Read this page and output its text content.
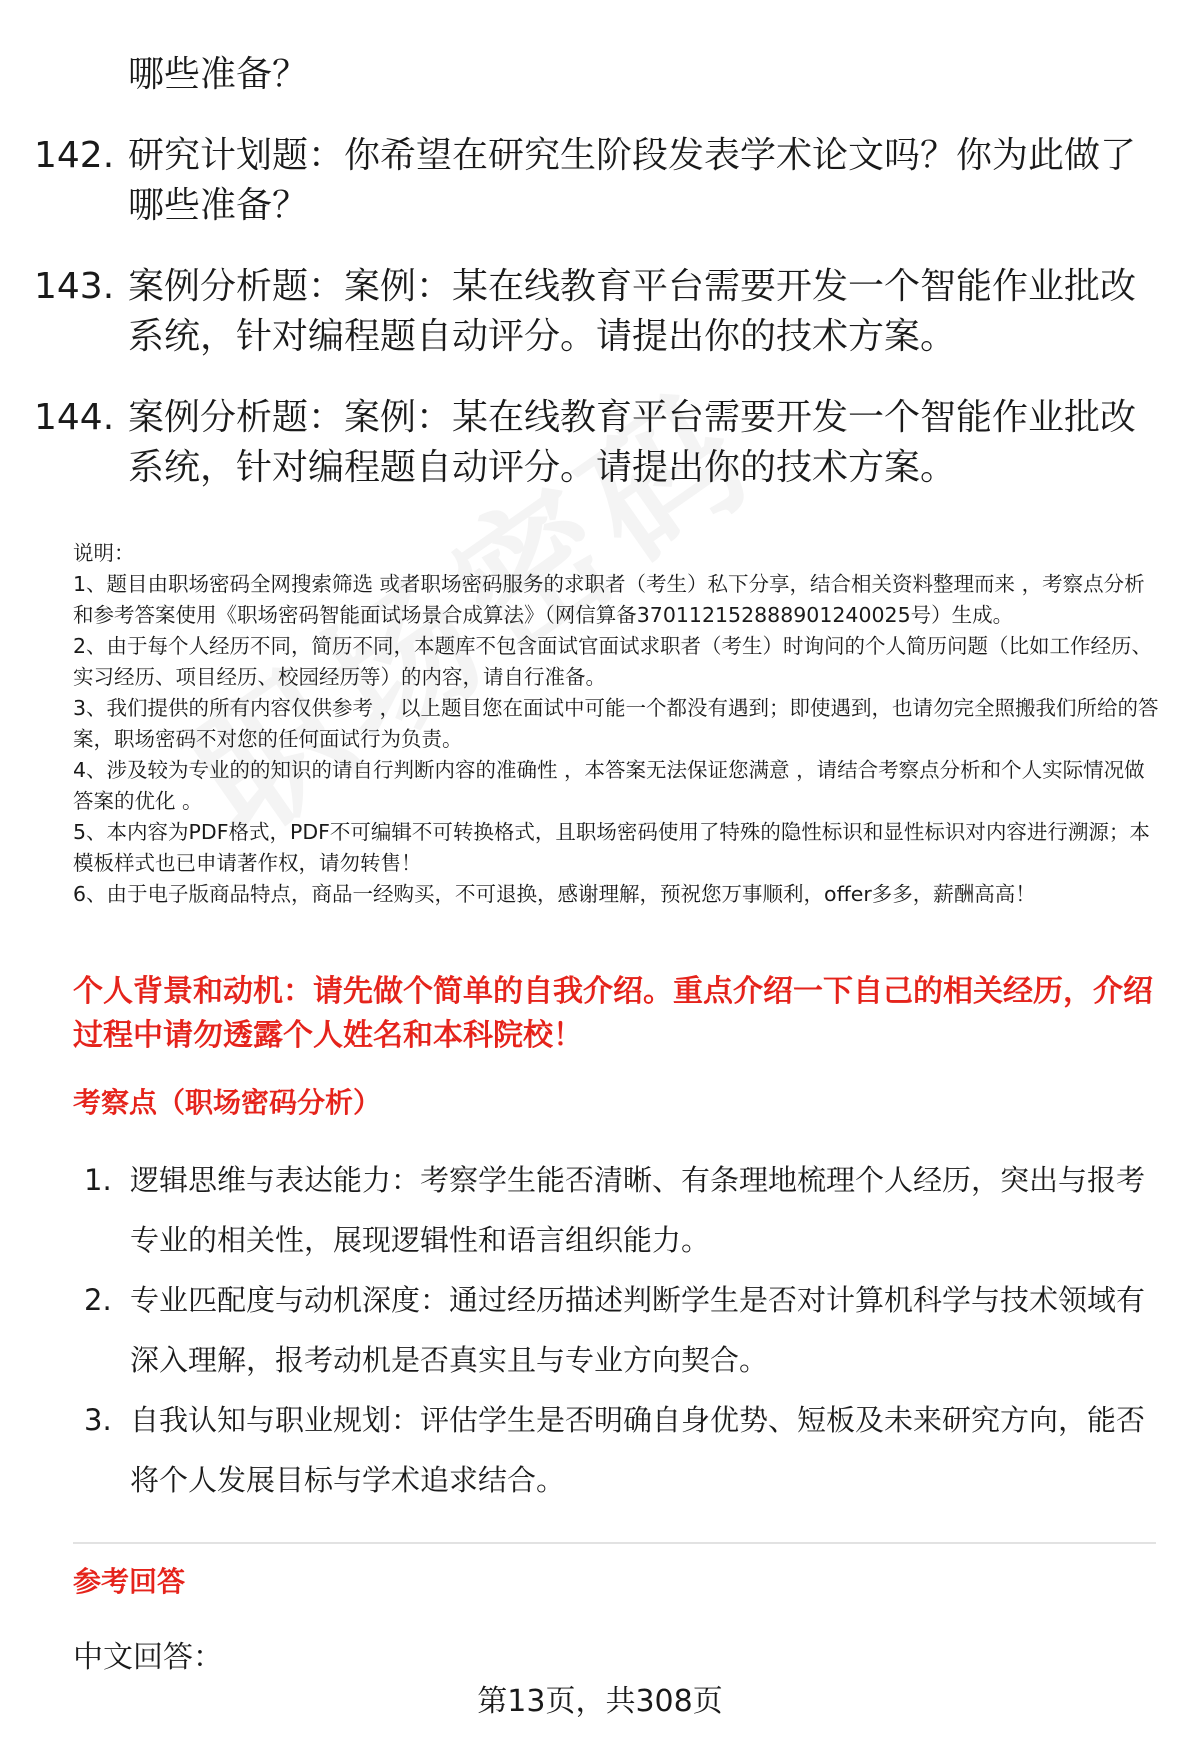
哪些准备？
142. 研究计划题：你希望在研究生阶段发表学术论文吗？你为此做了哪些准备？
143. 案例分析题：案例：某在线教育平台需要开发一个智能作业批改系统，针对编程题自动评分。请提出你的技术方案。
144. 案例分析题：案例：某在线教育平台需要开发一个智能作业批改系统，针对编程题自动评分。请提出你的技术方案。

说明：

1、题目由职场密码全网搜索筛选 或者职场密码服务的求职者（考生）私下分享，结合相关资料整理而来 ，考察点分析和参考答案使用《职场密码智能面试场景合成算法》（网信算备370112152888901240025号）生成。

2、由于每个人经历不同，简历不同，本题库不包含面试官面试求职者（考生）时询问的个人简历问题（比如工作经历、实习经历、项目经历、校园经历等）的内容，请自行准备。

3、我们提供的所有内容仅供参考 ，以上题目您在面试中可能一个都没有遇到；即使遇到，也请勿完全照搬我们所给的答案，职场密码不对您的任何面试行为负责。

4、涉及较为专业的的知识的请自行判断内容的准确性 ，本答案无法保证您满意 ，请结合考察点分析和个人实际情况做答案的优化 。

5、本内容为PDF格式，PDF不可编辑不可转换格式，且职场密码使用了特殊的隐性标识和显性标识对内容进行溯源；本模板样式也已申请著作权，请勿转售！

6、由于电子版商品特点，商品一经购买，不可退换，感谢理解，预祝您万事顺利，offer多多，薪酬高高！

个人背景和动机：请先做个简单的自我介绍。重点介绍一下自己的相关经历，介绍过程中请勿透露个人姓名和本科院校！
考察点（职场密码分析）
1. 逻辑思维与表达能力：考察学生能否清晰、有条理地梳理个人经历，突出与报考专业的相关性，展现逻辑性和语言组织能力。
2. 专业匹配度与动机深度：通过经历描述判断学生是否对计算机科学与技术领域有深入理解，报考动机是否真实且与专业方向契合。
3. 自我认知与职业规划：评估学生是否明确自身优势、短板及未来研究方向，能否将个人发展目标与学术追求结合。
参考回答
中文回答：
第13页，共308页
